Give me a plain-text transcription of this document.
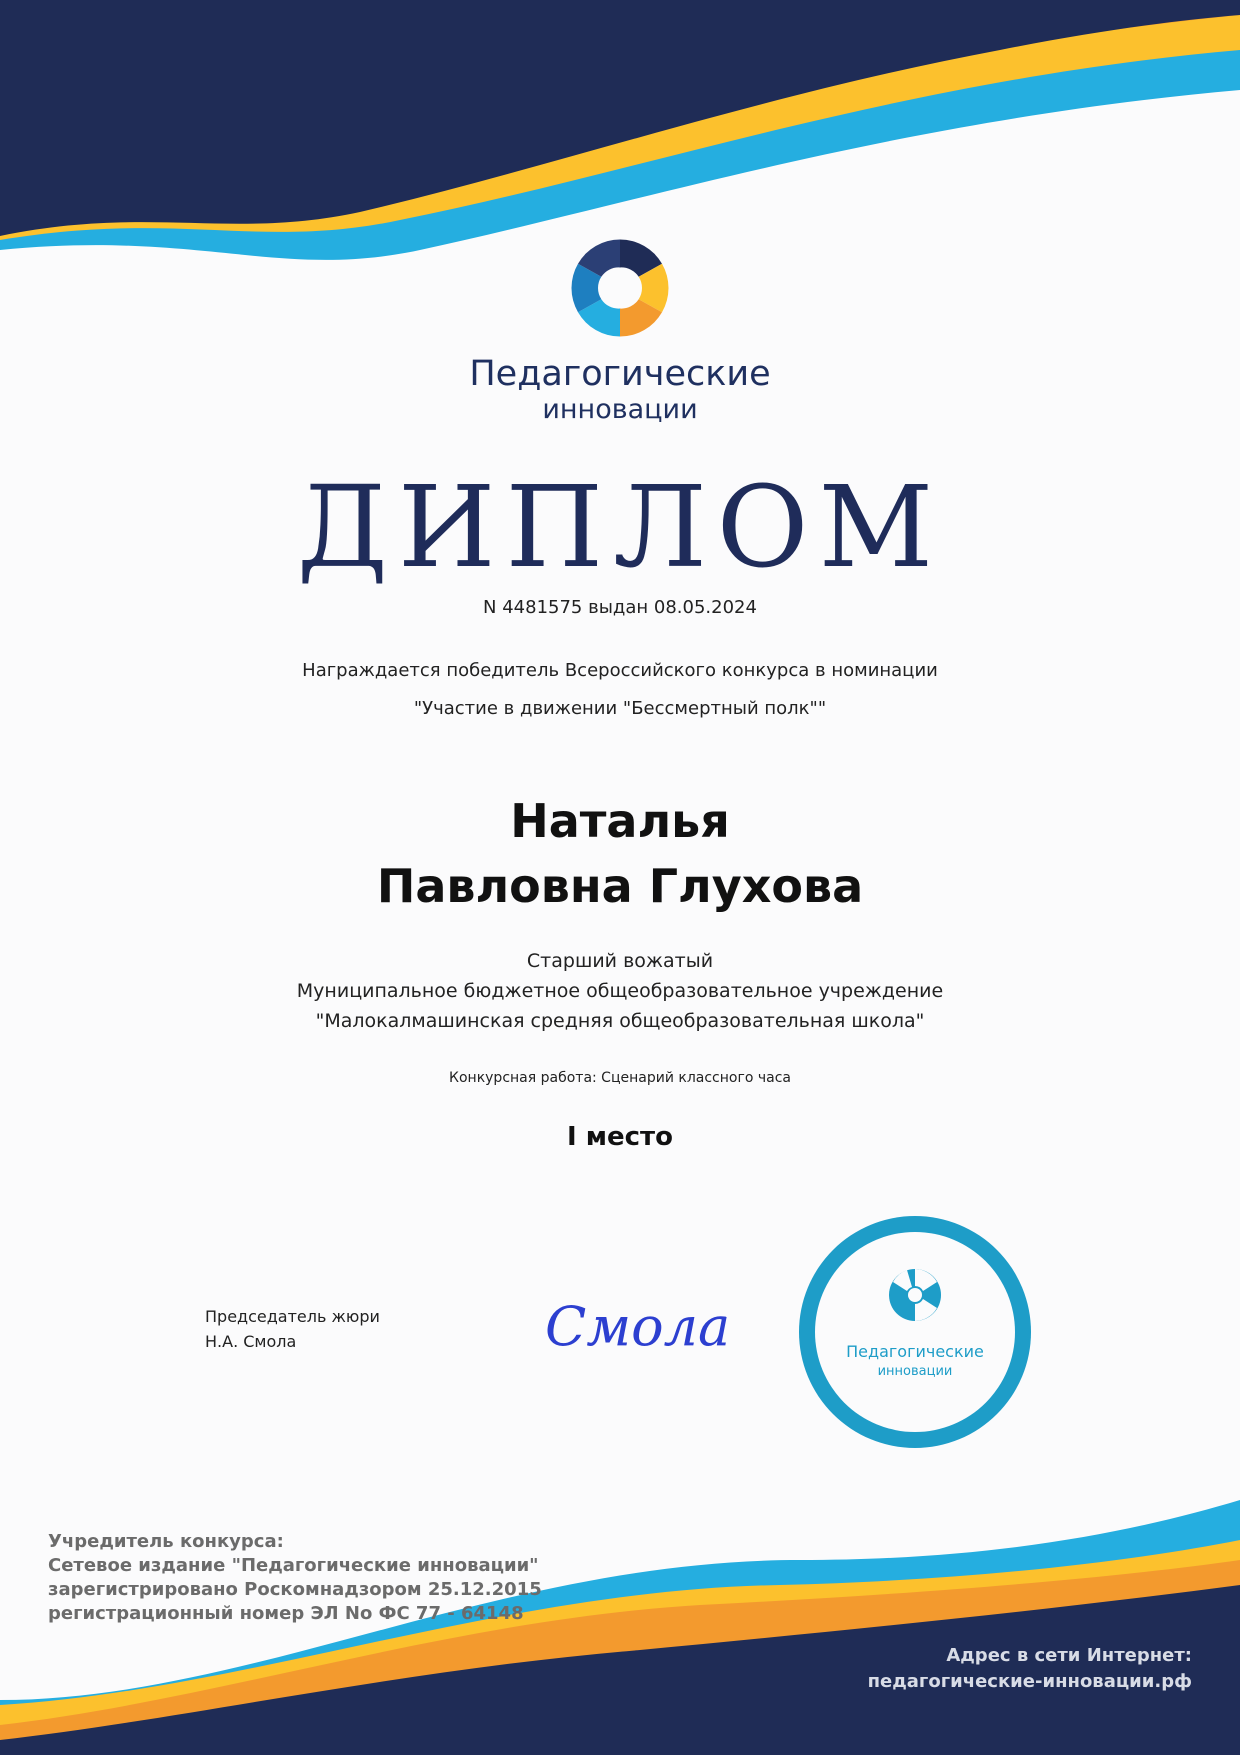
Педагогические
инновации
ДИПЛОМ
N 4481575 выдан 08.05.2024
Награждается победитель Всероссийского конкурса в номинации
"Участие в движении "Бессмертный полк""
Наталья
Павловна Глухова
Старший вожатый
Муниципальное бюджетное общеобразовательное учреждение
"Малокалмашинская средняя общеобразовательная школа"
Конкурсная работа: Сценарий классного часа
I место
Председатель жюри
Н.А. Смола	Смола	• Всероссийские конкурсы • Всероссийские конкурсы
Педагогические
инновации
Учредитель конкурса:
Сетевое издание "Педагогические инновации"
зарегистрировано Роскомнадзором 25.12.2015
регистрационный номер ЭЛ No ФС 77 - 64148
Адрес в сети Интернет:
педагогические-инновации.рф
